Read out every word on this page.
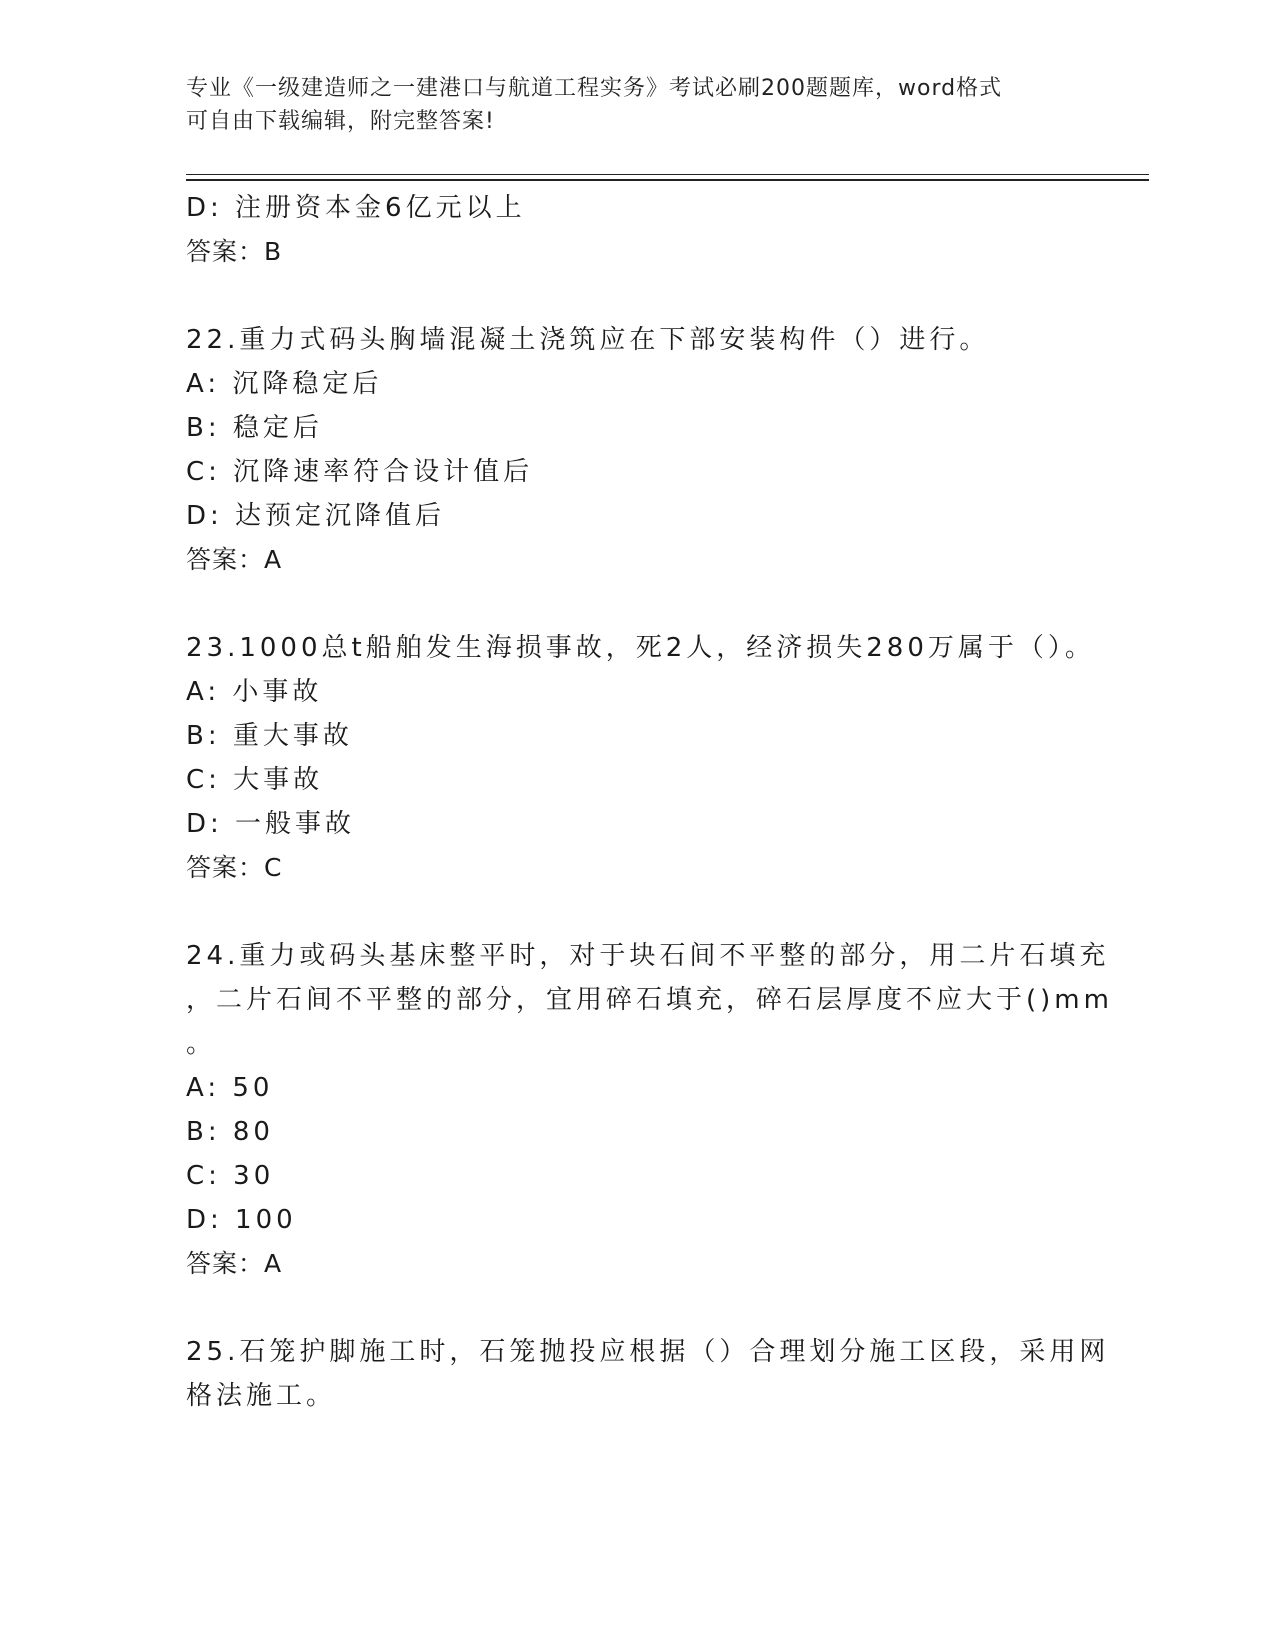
专业《一级建造师之一建港口与航道工程实务》考试必刷200题题库，word格式
可自由下载编辑，附完整答案!
D: 注册资本金6亿元以上
答案：B
22.重力式码头胸墙混凝土浇筑应在下部安装构件（）进行。
A: 沉降稳定后
B: 稳定后
C: 沉降速率符合设计值后
D: 达预定沉降值后
答案：A
23.1000总t船舶发生海损事故，死2人，经济损失280万属于（）。
A: 小事故
B: 重大事故
C: 大事故
D: 一般事故
答案：C
24.重力或码头基床整平时，对于块石间不平整的部分，用二片石填充
，二片石间不平整的部分，宜用碎石填充，碎石层厚度不应大于()mm
。
A: 50
B: 80
C: 30
D: 100
答案：A
25.石笼护脚施工时，石笼抛投应根据（）合理划分施工区段，采用网
格法施工。
